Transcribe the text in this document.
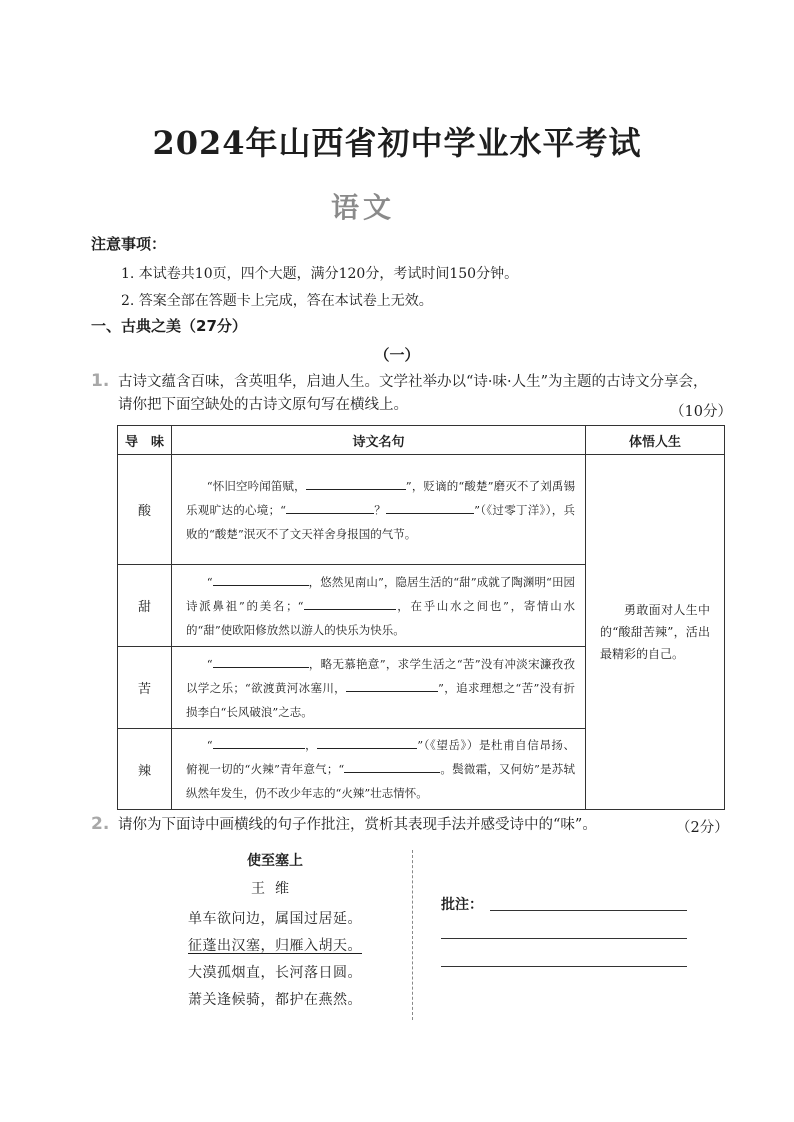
2024年山西省初中学业水平考试
语文
注意事项：
1. 本试卷共10页，四个大题，满分120分，考试时间150分钟。
2. 答案全部在答题卡上完成，答在本试卷上无效。
一、古典之美（27分）
（一）
1. 古诗文蕴含百味，含英咀华，启迪人生。文学社举办以“诗·味·人生”为主题的古诗文分享会，请你把下面空缺处的古诗文原句写在横线上。	（10分）
导　味	诗文名句	体悟人生
酸	“怀旧空吟闻笛赋， ”，贬谪的“酸楚”磨灭不了刘禹锡乐观旷达的心境；“ ？ ”（《过零丁洋》），兵败的“酸楚”泯灭不了文天祥舍身报国的气节。	勇敢面对人生中的“酸甜苦辣”，活出最精彩的自己。
甜	“ ，悠然见南山”，隐居生活的“甜”成就了陶渊明“田园诗派鼻祖”的美名；“ ，在乎山水之间也”，寄情山水的“甜”使欧阳修放然以游人的快乐为快乐。	
苦	“ ，略无慕艳意”，求学生活之“苦”没有冲淡宋濂孜孜以学之乐；“欲渡黄河冰塞川， ”，追求理想之“苦”没有折损李白“长风破浪”之志。	
辣	“ ， ”（《望岳》）是杜甫自信昂扬、俯视一切的“火辣”青年意气；“ 。鬓微霜，又何妨”是苏轼纵然年发生，仍不改少年志的“火辣”壮志情怀。	
2. 请你为下面诗中画横线的句子作批注，赏析其表现手法并感受诗中的“味”。	（2分）
使至塞上
王维
单车欲问边，属国过居延。
征蓬出汉塞，归雁入胡天。
大漠孤烟直，长河落日圆。
萧关逢候骑，都护在燕然。
批注：
